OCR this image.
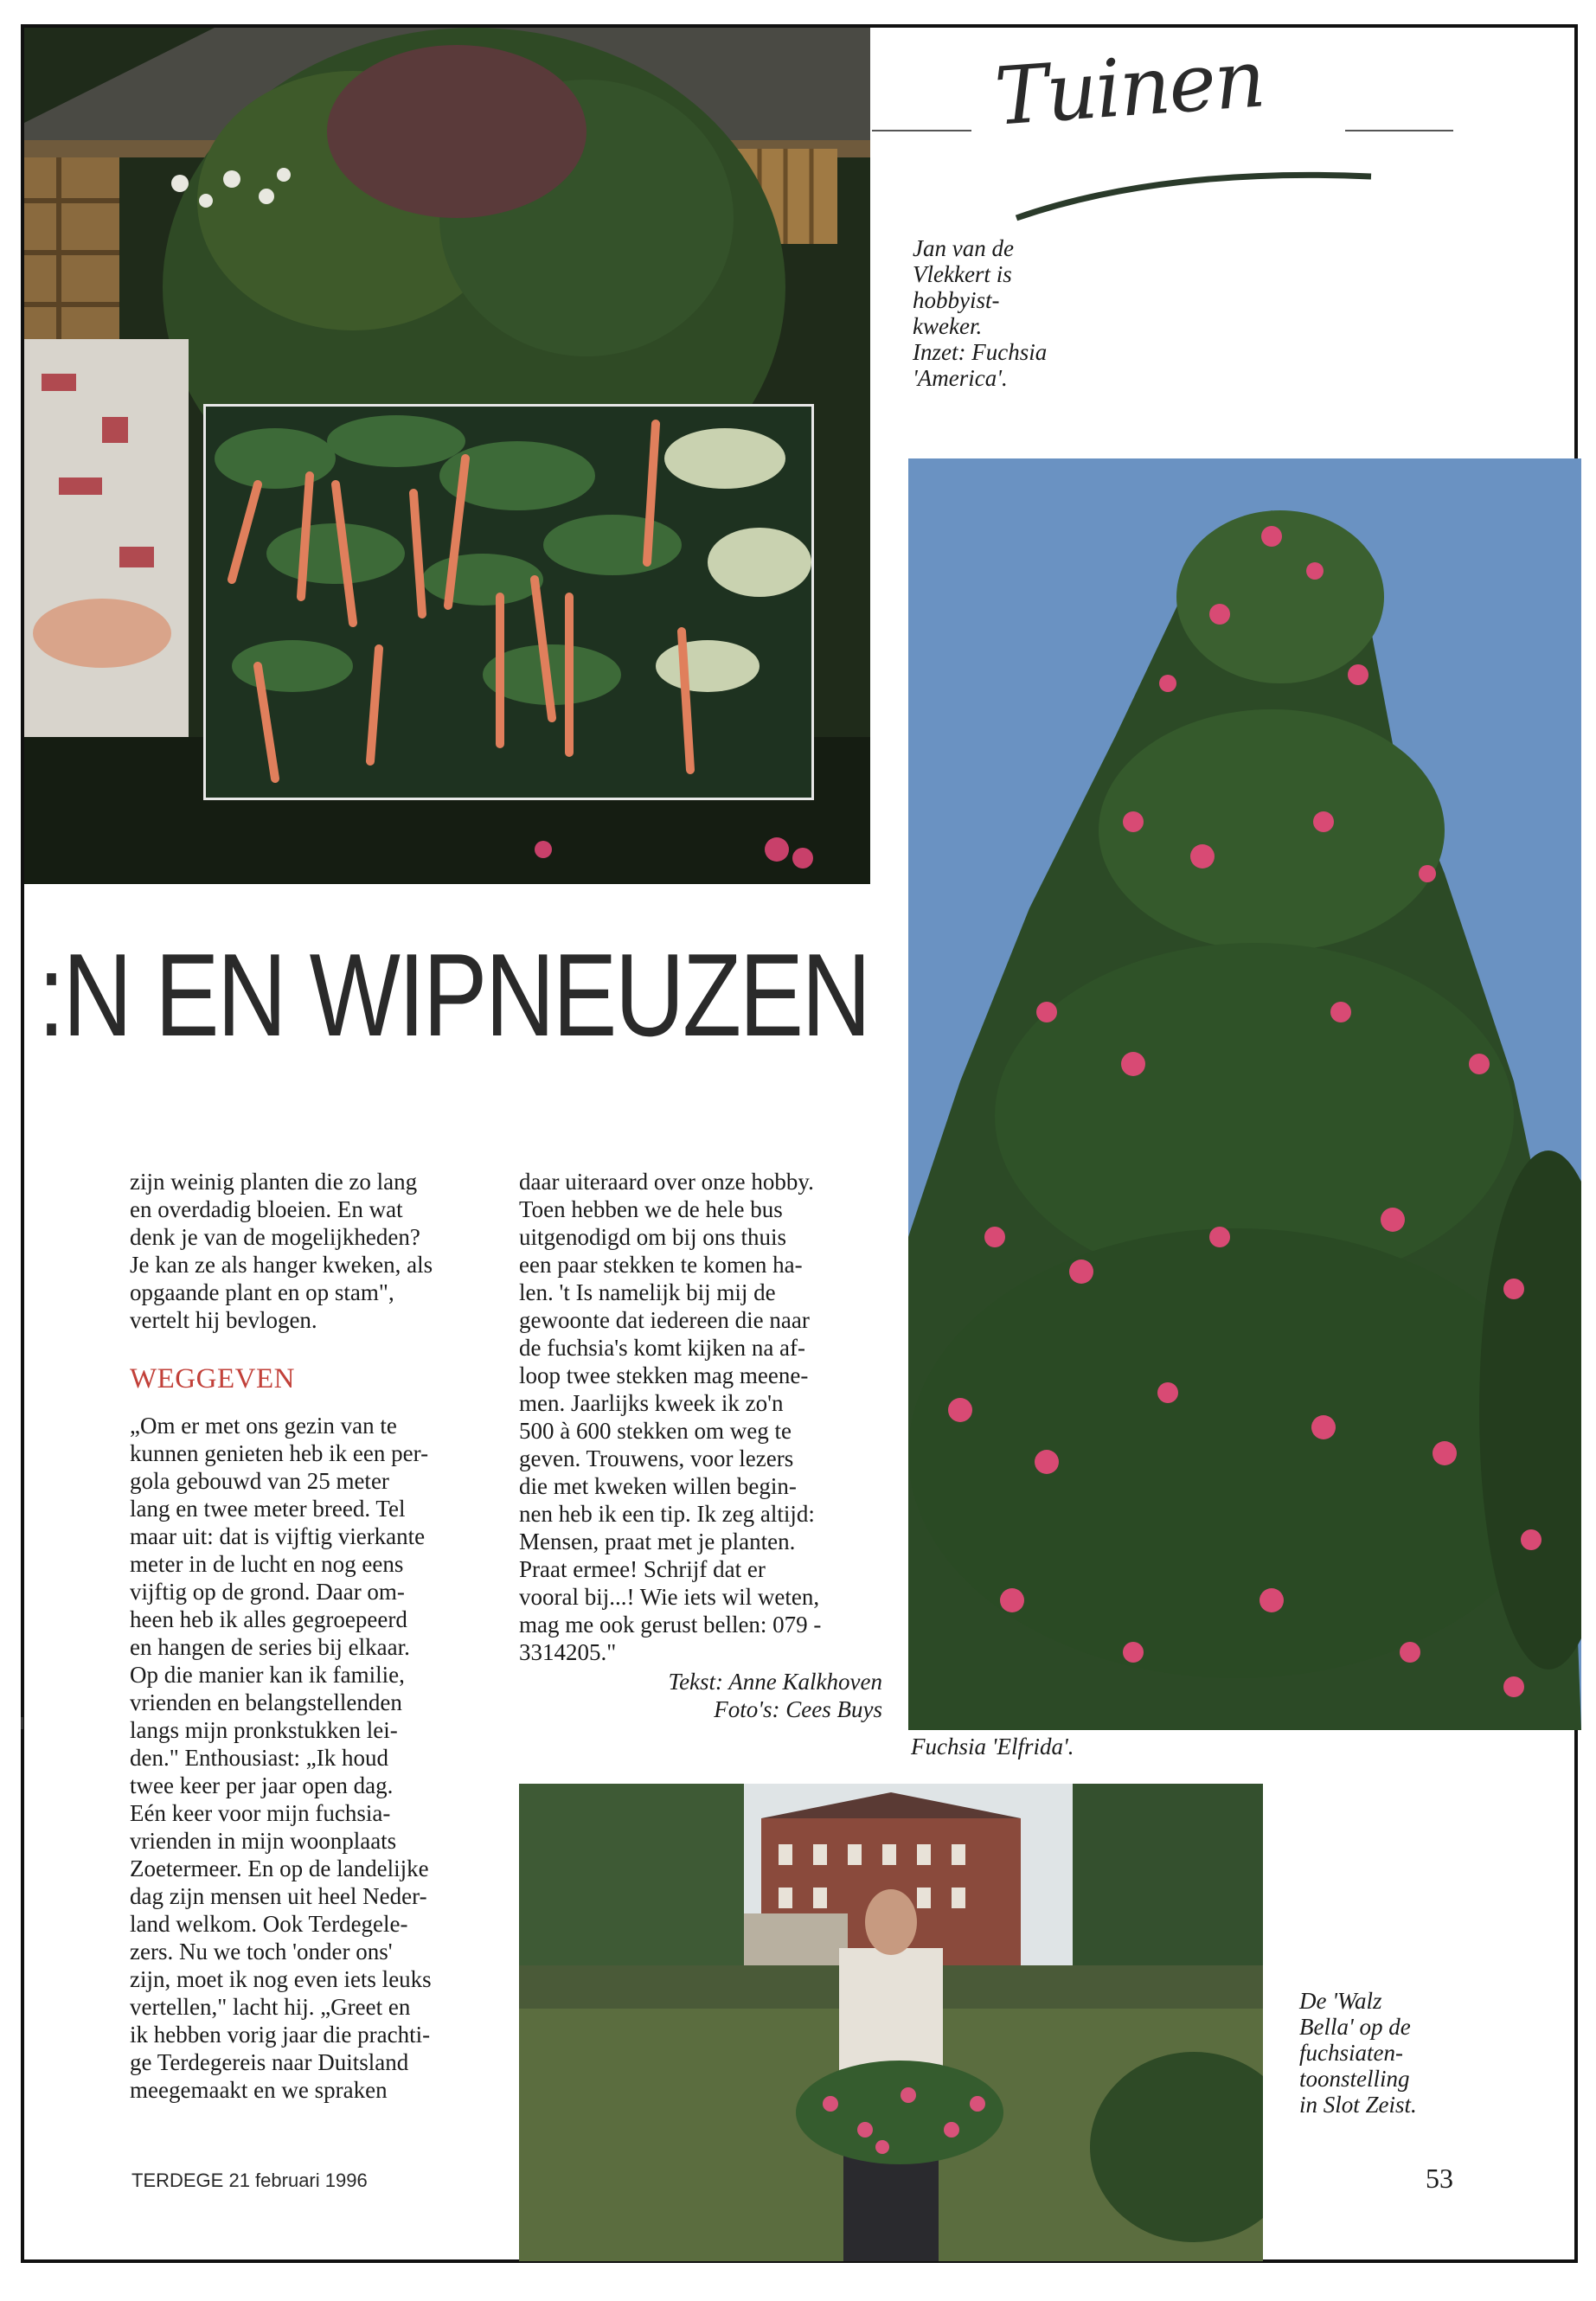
Tuinen

Jan van de
Vlekkert is
hobbyist-
kweker.
Inzet: Fuchsia
'America'.

Fuchsia 'Elfrida'.
:N EN WIPNEUZEN

zijn weinig planten die zo lang
en overdadig bloeien. En wat
denk je van de mogelijkheden?
Je kan ze als hanger kweken, als
opgaande plant en op stam",
vertelt hij bevlogen.

WEGGEVEN

„Om er met ons gezin van te
kunnen genieten heb ik een per-
gola gebouwd van 25 meter
lang en twee meter breed. Tel
maar uit: dat is vijftig vierkante
meter in de lucht en nog eens
vijftig op de grond. Daar om-
heen heb ik alles gegroepeerd
en hangen de series bij elkaar.
Op die manier kan ik familie,
vrienden en belangstellenden
langs mijn pronkstukken lei-
den." Enthousiast: „Ik houd
twee keer per jaar open dag.
Eén keer voor mijn fuchsia-
vrienden in mijn woonplaats
Zoetermeer. En op de landelijke
dag zijn mensen uit heel Neder-
land welkom. Ook Terdegele-
zers. Nu we toch 'onder ons'
zijn, moet ik nog even iets leuks
vertellen," lacht hij. „Greet en
ik hebben vorig jaar die prachti-
ge Terdegereis naar Duitsland
meegemaakt en we spraken

daar uiteraard over onze hobby.
Toen hebben we de hele bus
uitgenodigd om bij ons thuis
een paar stekken te komen ha-
len. 't Is namelijk bij mij de
gewoonte dat iedereen die naar
de fuchsia's komt kijken na af-
loop twee stekken mag meene-
men. Jaarlijks kweek ik zo'n
500 à 600 stekken om weg te
geven. Trouwens, voor lezers
die met kweken willen begin-
nen heb ik een tip. Ik zeg altijd:
Mensen, praat met je planten.
Praat ermee! Schrijf dat er
vooral bij...! Wie iets wil weten,
mag me ook gerust bellen: 079 -
3314205."

Tekst: Anne Kalkhoven
Foto's: Cees Buys

De 'Walz
Bella' op de
fuchsiaten-
toonstelling
in Slot Zeist.

TERDEGE 21 februari 1996	53
